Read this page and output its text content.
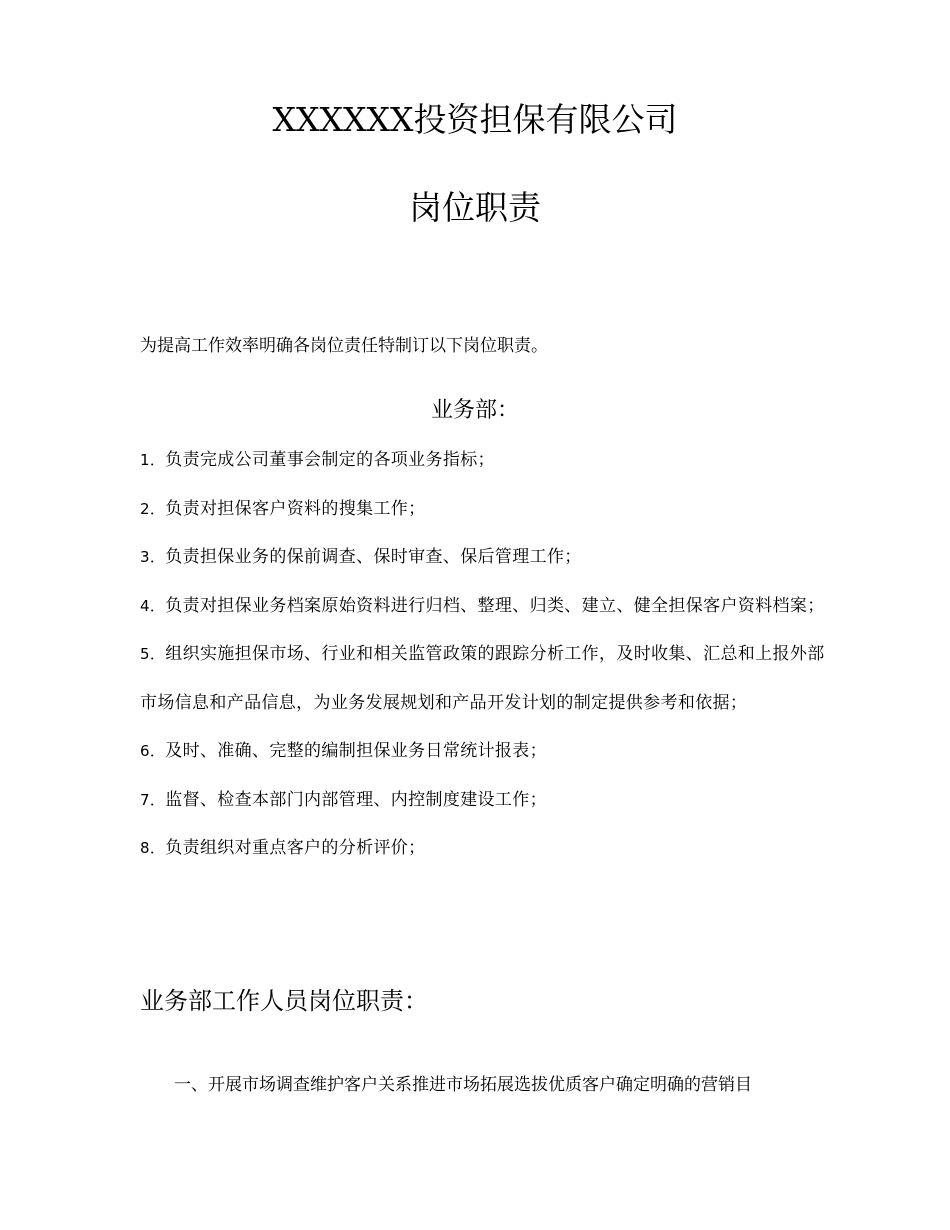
XXXXXX投资担保有限公司
岗位职责
为提高工作效率明确各岗位责任特制订以下岗位职责。
业务部：
1．负责完成公司董事会制定的各项业务指标；
2．负责对担保客户资料的搜集工作；
3．负责担保业务的保前调查、保时审查、保后管理工作；
4．负责对担保业务档案原始资料进行归档、整理、归类、建立、健全担保客户资料档案；
5．组织实施担保市场、行业和相关监管政策的跟踪分析工作，及时收集、汇总和上报外部市场信息和产品信息，为业务发展规划和产品开发计划的制定提供参考和依据；
6．及时、准确、完整的编制担保业务日常统计报表；
7．监督、检查本部门内部管理、内控制度建设工作；
8．负责组织对重点客户的分析评价；
业务部工作人员岗位职责：
一、开展市场调查维护客户关系推进市场拓展选拔优质客户确定明确的营销目
